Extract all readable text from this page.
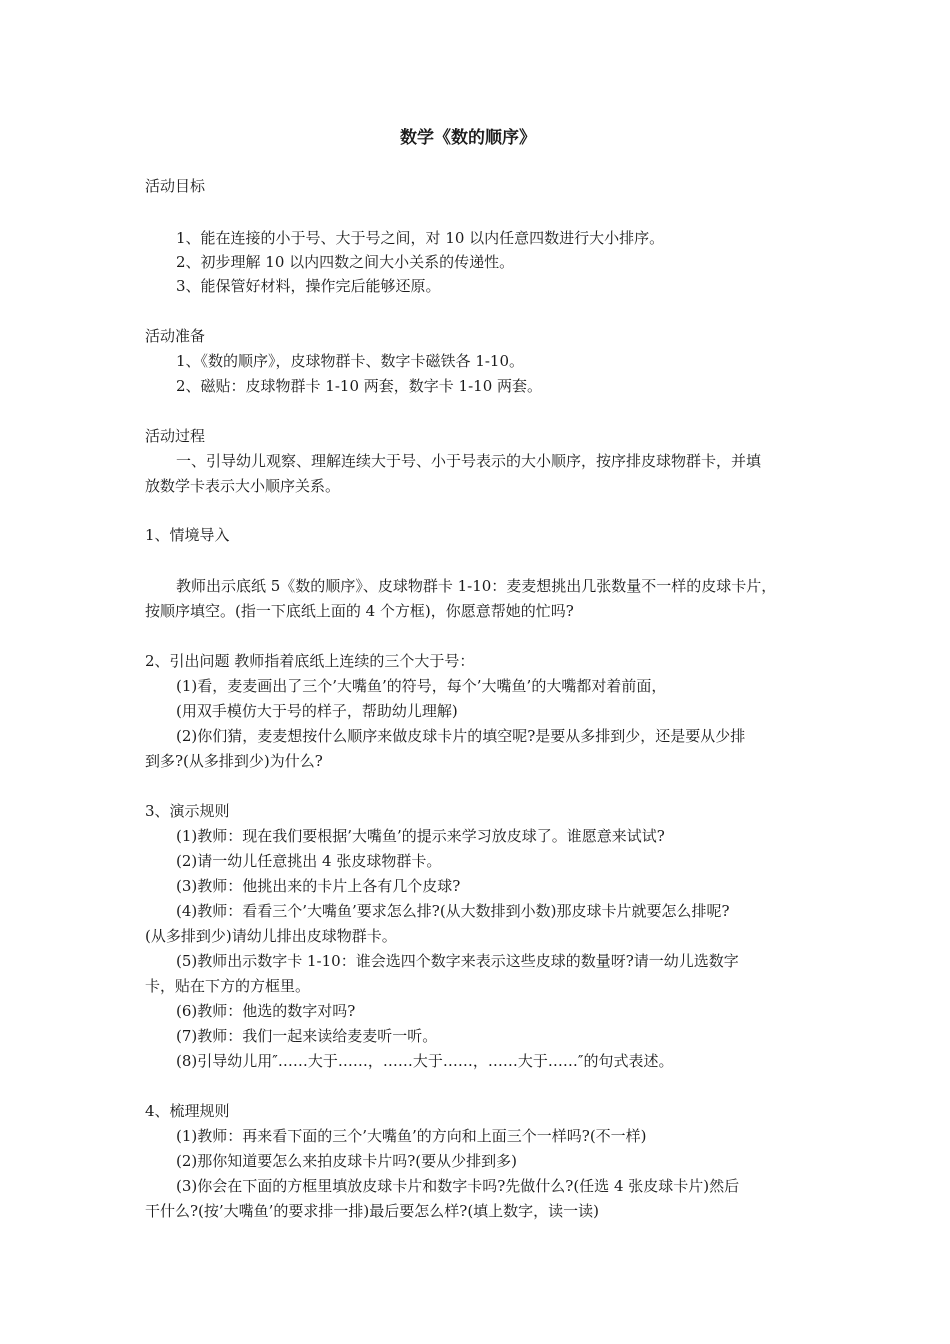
数学《数的顺序》
活动目标
1、能在连接的小于号、大于号之间，对 10 以内任意四数进行大小排序。
2、初步理解 10 以内四数之间大小关系的传递性。
3、能保管好材料，操作完后能够还原。
活动准备
1、《数的顺序》，皮球物群卡、数字卡磁铁各 1-10。
2、磁贴：皮球物群卡 1-10 两套，数字卡 1-10 两套。
活动过程
一、引导幼儿观察、理解连续大于号、小于号表示的大小顺序，按序排皮球物群卡，并填
放数学卡表示大小顺序关系。
1、情境导入
教师出示底纸 5《数的顺序》、皮球物群卡 1-10：麦麦想挑出几张数量不一样的皮球卡片，
按顺序填空。(指一下底纸上面的 4 个方框)，你愿意帮她的忙吗?
2、引出问题 教师指着底纸上连续的三个大于号：
(1)看，麦麦画出了三个’大嘴鱼’的符号，每个’大嘴鱼’的大嘴都对着前面，
(用双手模仿大于号的样子，帮助幼儿理解)
(2)你们猜，麦麦想按什么顺序来做皮球卡片的填空呢?是要从多排到少，还是要从少排
到多?(从多排到少)为什么?
3、演示规则
(1)教师：现在我们要根据’大嘴鱼’的提示来学习放皮球了。谁愿意来试试?
(2)请一幼儿任意挑出 4 张皮球物群卡。
(3)教师：他挑出来的卡片上各有几个皮球?
(4)教师：看看三个’大嘴鱼’要求怎么排?(从大数排到小数)那皮球卡片就要怎么排呢?
(从多排到少)请幼儿排出皮球物群卡。
(5)教师出示数字卡 1-10：谁会选四个数字来表示这些皮球的数量呀?请一幼儿选数字
卡，贴在下方的方框里。
(6)教师：他选的数字对吗?
(7)教师：我们一起来读给麦麦听一听。
(8)引导幼儿用″……大于……，……大于……，……大于……″的句式表述。
4、梳理规则
(1)教师：再来看下面的三个’大嘴鱼’的方向和上面三个一样吗?(不一样)
(2)那你知道要怎么来拍皮球卡片吗?(要从少排到多)
(3)你会在下面的方框里填放皮球卡片和数字卡吗?先做什么?(任选 4 张皮球卡片)然后
干什么?(按’大嘴鱼’的要求排一排)最后要怎么样?(填上数字，读一读)
